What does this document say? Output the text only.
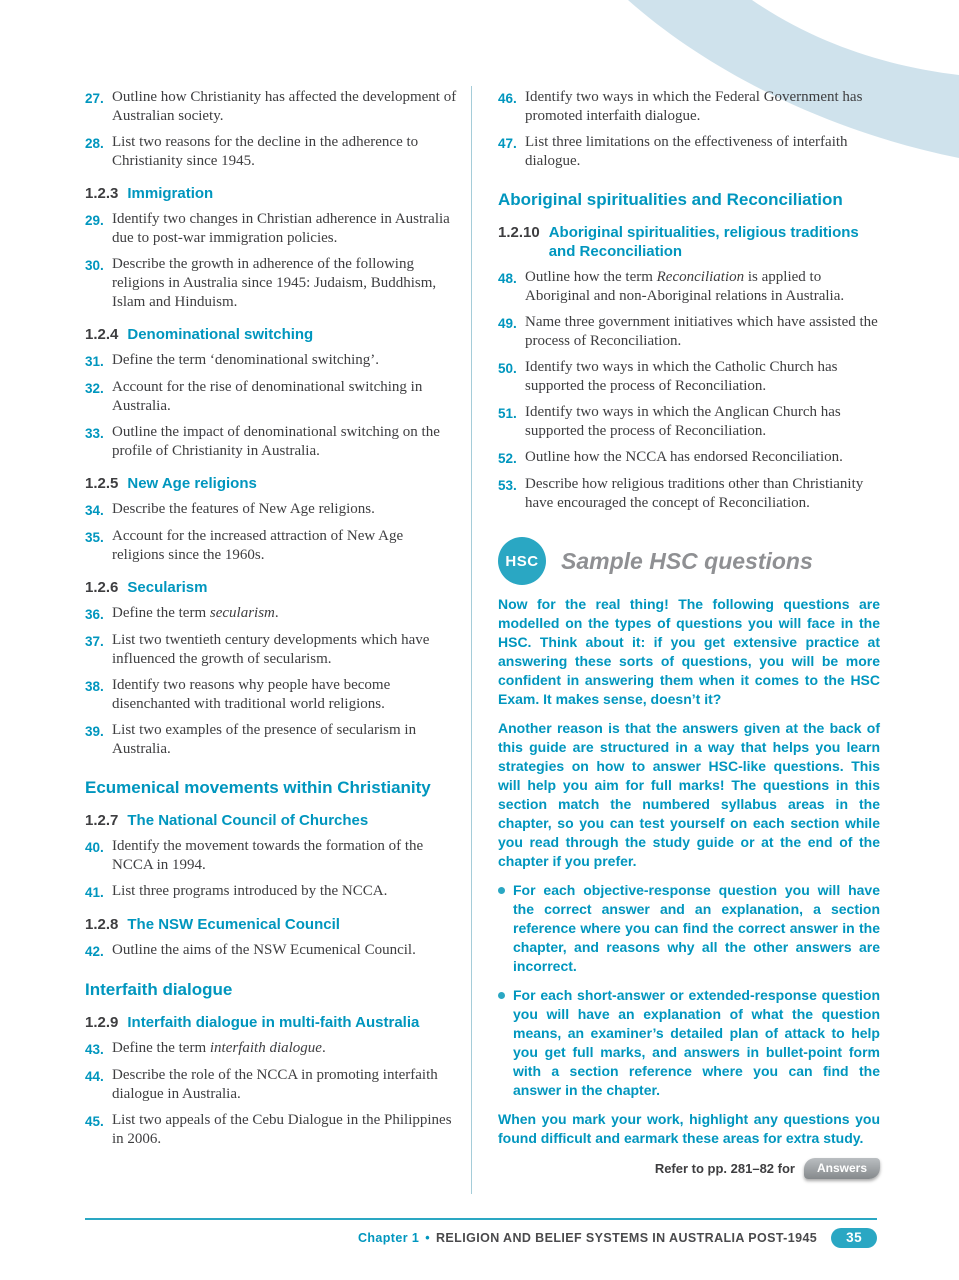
27. Outline how Christianity has affected the development of Australian society.
28. List two reasons for the decline in the adherence to Christianity since 1945.
1.2.3 Immigration
29. Identify two changes in Christian adherence in Australia due to post-war immigration policies.
30. Describe the growth in adherence of the following religions in Australia since 1945: Judaism, Buddhism, Islam and Hinduism.
1.2.4 Denominational switching
31. Define the term ‘denominational switching’.
32. Account for the rise of denominational switching in Australia.
33. Outline the impact of denominational switching on the profile of Christianity in Australia.
1.2.5 New Age religions
34. Describe the features of New Age religions.
35. Account for the increased attraction of New Age religions since the 1960s.
1.2.6 Secularism
36. Define the term secularism.
37. List two twentieth century developments which have influenced the growth of secularism.
38. Identify two reasons why people have become disenchanted with traditional world religions.
39. List two examples of the presence of secularism in Australia.
Ecumenical movements within Christianity
1.2.7 The National Council of Churches
40. Identify the movement towards the formation of the NCCA in 1994.
41. List three programs introduced by the NCCA.
1.2.8 The NSW Ecumenical Council
42. Outline the aims of the NSW Ecumenical Council.
Interfaith dialogue
1.2.9 Interfaith dialogue in multi-faith Australia
43. Define the term interfaith dialogue.
44. Describe the role of the NCCA in promoting interfaith dialogue in Australia.
45. List two appeals of the Cebu Dialogue in the Philippines in 2006.
46. Identify two ways in which the Federal Government has promoted interfaith dialogue.
47. List three limitations on the effectiveness of interfaith dialogue.
Aboriginal spiritualities and Reconciliation
1.2.10 Aboriginal spiritualities, religious traditions and Reconciliation
48. Outline how the term Reconciliation is applied to Aboriginal and non-Aboriginal relations in Australia.
49. Name three government initiatives which have assisted the process of Reconciliation.
50. Identify two ways in which the Catholic Church has supported the process of Reconciliation.
51. Identify two ways in which the Anglican Church has supported the process of Reconciliation.
52. Outline how the NCCA has endorsed Reconciliation.
53. Describe how religious traditions other than Christianity have encouraged the concept of Reconciliation.
HSC Sample HSC questions
Now for the real thing! The following questions are modelled on the types of questions you will face in the HSC. Think about it: if you get extensive practice at answering these sorts of questions, you will be more confident in answering them when it comes to the HSC Exam. It makes sense, doesn’t it?
Another reason is that the answers given at the back of this guide are structured in a way that helps you learn strategies on how to answer HSC-like questions. This will help you aim for full marks! The questions in this section match the numbered syllabus areas in the chapter, so you can test yourself on each section while you read through the study guide or at the end of the chapter if you prefer.
For each objective-response question you will have the correct answer and an explanation, a section reference where you can find the correct answer in the chapter, and reasons why all the other answers are incorrect.
For each short-answer or extended-response question you will have an explanation of what the question means, an examiner’s detailed plan of attack to help you get full marks, and answers in bullet-point form with a section reference where you can find the answer in the chapter.
When you mark your work, highlight any questions you found difficult and earmark these areas for extra study.
Refer to pp. 281–82 for	Answers
Chapter 1 • RELIGION AND BELIEF SYSTEMS IN AUSTRALIA POST-1945	35
